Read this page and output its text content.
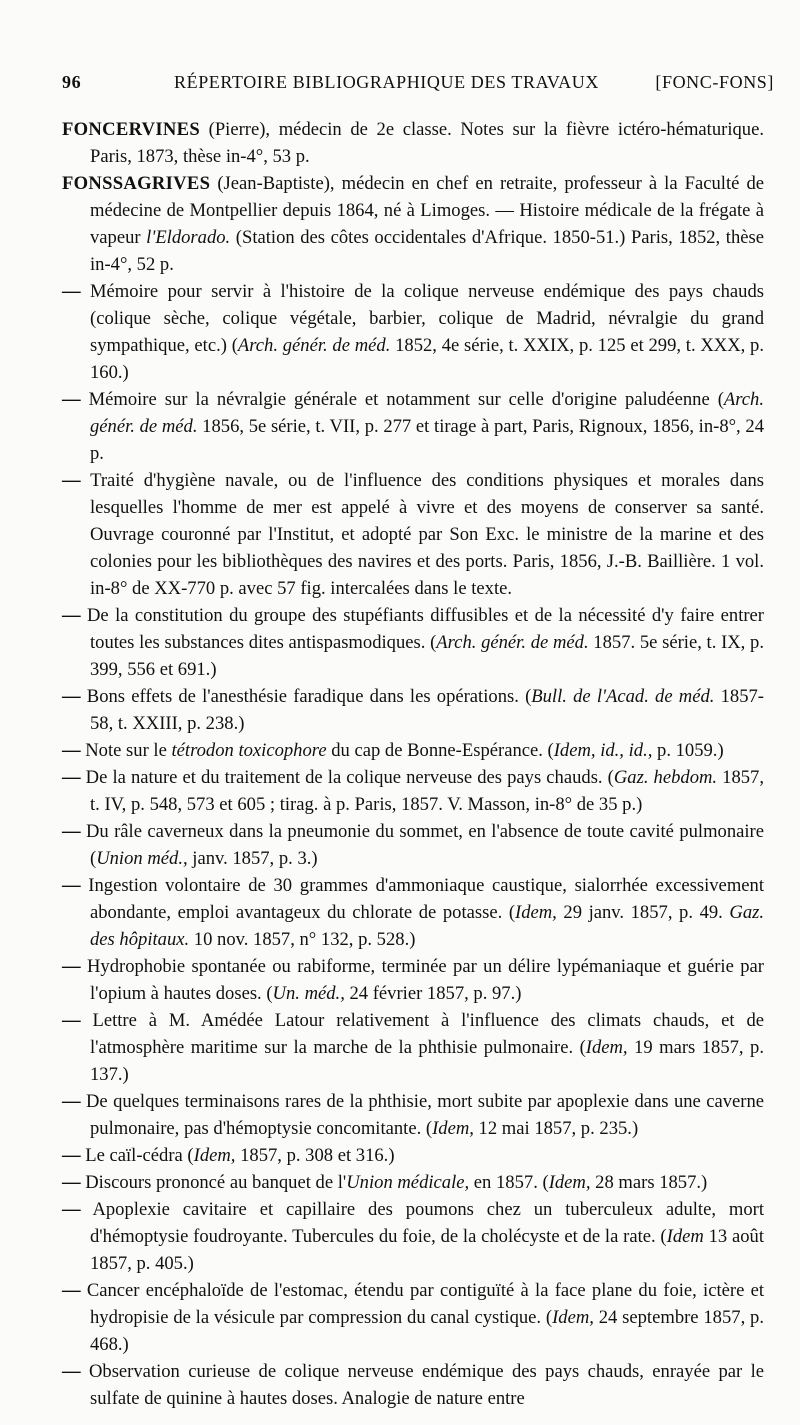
96	RÉPERTOIRE BIBLIOGRAPHIQUE DES TRAVAUX	[FONC-FONS]

FONCERVINES (Pierre), médecin de 2e classe. Notes sur la fièvre ictéro-hématurique. Paris, 1873, thèse in-4°, 53 p.

FONSSAGRIVES (Jean-Baptiste), médecin en chef en retraite, professeur à la Faculté de médecine de Montpellier depuis 1864, né à Limoges. — Histoire médicale de la frégate à vapeur l'Eldorado. (Station des côtes occidentales d'Afrique. 1850-51.) Paris, 1852, thèse in-4°, 52 p.

— Mémoire pour servir à l'histoire de la colique nerveuse endémique des pays chauds (colique sèche, colique végétale, barbier, colique de Madrid, névralgie du grand sympathique, etc.) (Arch. génér. de méd. 1852, 4e série, t. XXIX, p. 125 et 299, t. XXX, p. 160.)

— Mémoire sur la névralgie générale et notamment sur celle d'origine paludéenne (Arch. génér. de méd. 1856, 5e série, t. VII, p. 277 et tirage à part, Paris, Rignoux, 1856, in-8°, 24 p.

— Traité d'hygiène navale, ou de l'influence des conditions physiques et morales dans lesquelles l'homme de mer est appelé à vivre et des moyens de conserver sa santé. Ouvrage couronné par l'Institut, et adopté par Son Exc. le ministre de la marine et des colonies pour les bibliothèques des navires et des ports. Paris, 1856, J.-B. Baillière. 1 vol. in-8° de XX-770 p. avec 57 fig. intercalées dans le texte.

— De la constitution du groupe des stupéfiants diffusibles et de la nécessité d'y faire entrer toutes les substances dites antispasmodiques. (Arch. génér. de méd. 1857. 5e série, t. IX, p. 399, 556 et 691.)

— Bons effets de l'anesthésie faradique dans les opérations. (Bull. de l'Acad. de méd. 1857-58, t. XXIII, p. 238.)

— Note sur le tétrodon toxicophore du cap de Bonne-Espérance. (Idem, id., id., p. 1059.)

— De la nature et du traitement de la colique nerveuse des pays chauds. (Gaz. hebdom. 1857, t. IV, p. 548, 573 et 605 ; tirag. à p. Paris, 1857. V. Masson, in-8° de 35 p.)

— Du râle caverneux dans la pneumonie du sommet, en l'absence de toute cavité pulmonaire (Union méd., janv. 1857, p. 3.)

— Ingestion volontaire de 30 grammes d'ammoniaque caustique, sialorrhée excessivement abondante, emploi avantageux du chlorate de potasse. (Idem, 29 janv. 1857, p. 49. Gaz. des hôpitaux. 10 nov. 1857, n° 132, p. 528.)

— Hydrophobie spontanée ou rabiforme, terminée par un délire lypémaniaque et guérie par l'opium à hautes doses. (Un. méd., 24 février 1857, p. 97.)

— Lettre à M. Amédée Latour relativement à l'influence des climats chauds, et de l'atmosphère maritime sur la marche de la phthisie pulmonaire. (Idem, 19 mars 1857, p. 137.)

— De quelques terminaisons rares de la phthisie, mort subite par apoplexie dans une caverne pulmonaire, pas d'hémoptysie concomitante. (Idem, 12 mai 1857, p. 235.)

— Le caïl-cédra (Idem, 1857, p. 308 et 316.)

— Discours prononcé au banquet de l'Union médicale, en 1857. (Idem, 28 mars 1857.)

— Apoplexie cavitaire et capillaire des poumons chez un tuberculeux adulte, mort d'hémoptysie foudroyante. Tubercules du foie, de la cholécyste et de la rate. (Idem 13 août 1857, p. 405.)

— Cancer encéphaloïde de l'estomac, étendu par contiguïté à la face plane du foie, ictère et hydropisie de la vésicule par compression du canal cystique. (Idem, 24 septembre 1857, p. 468.)

— Observation curieuse de colique nerveuse endémique des pays chauds, enrayée par le sulfate de quinine à hautes doses. Analogie de nature entre
